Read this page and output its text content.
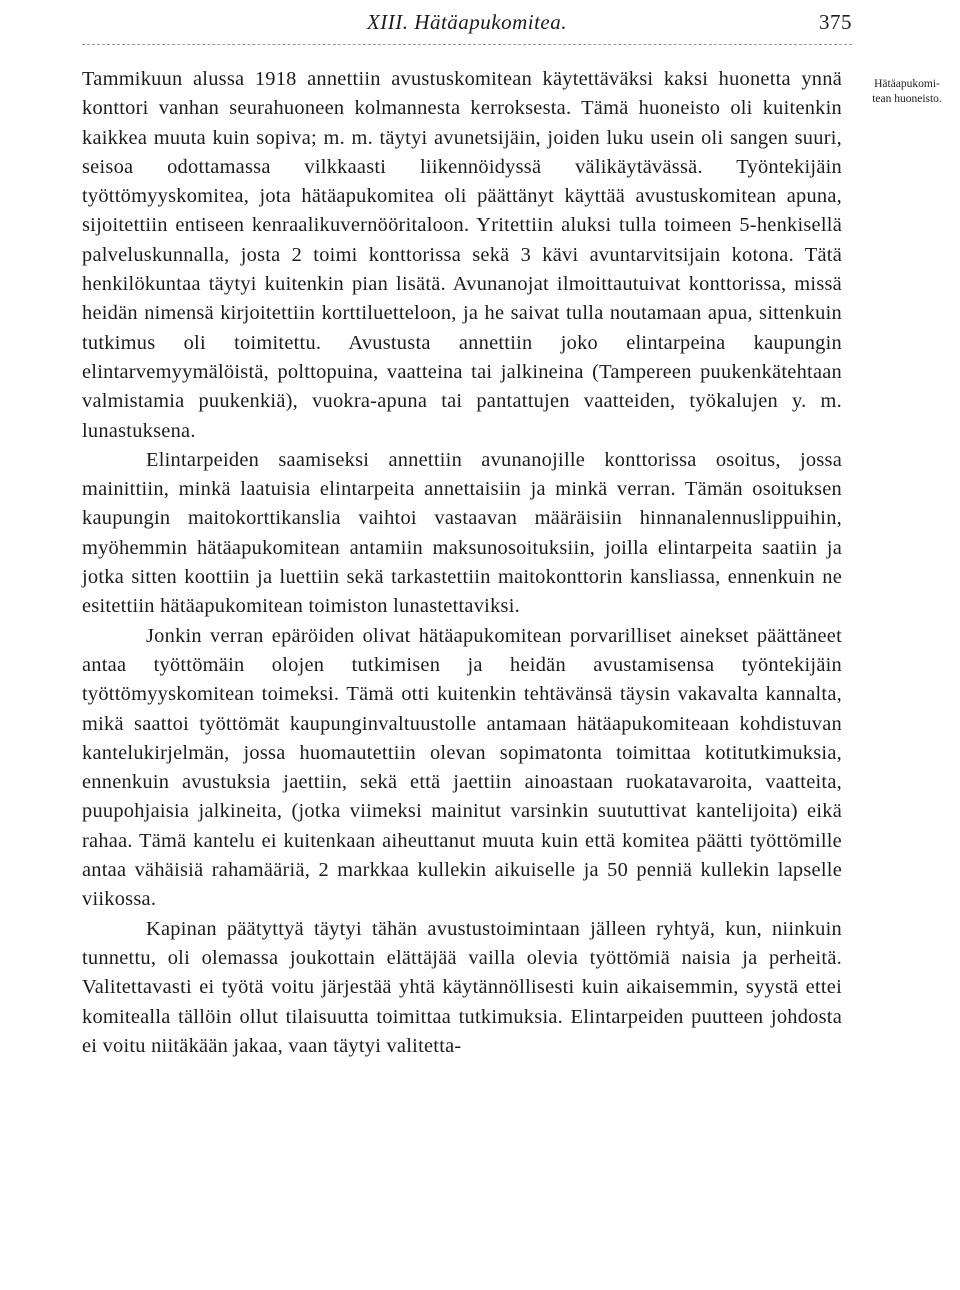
XIII. Hätäapukomitea.	375
Hätäapukomi-
tean huoneisto.

Tammikuun alussa 1918 annettiin avustuskomitean käytettäväksi kaksi huonetta ynnä konttori vanhan seurahuoneen kolmannesta kerroksesta. Tämä huoneisto oli kuitenkin kaikkea muuta kuin sopiva; m. m. täytyi avunetsijäin, joiden luku usein oli sangen suuri, seisoa odottamassa vilkkaasti liikennöidyssä välikäytävässä. Työntekijäin työttömyyskomitea, jota hätäapukomitea oli päättänyt käyttää avustuskomitean apuna, sijoitettiin entiseen kenraalikuvernööritaloon. Yritettiin aluksi tulla toimeen 5-henkisellä palveluskunnalla, josta 2 toimi konttorissa sekä 3 kävi avuntarvitsijain kotona. Tätä henkilökuntaa täytyi kuitenkin pian lisätä. Avunanojat ilmoittautuivat konttorissa, missä heidän nimensä kirjoitettiin korttiluetteloon, ja he saivat tulla noutamaan apua, sittenkuin tutkimus oli toimitettu. Avustusta annettiin joko elintarpeina kaupungin elintarvemyymälöistä, polttopuina, vaatteina tai jalkineina (Tampereen puukenkätehtaan valmistamia puukenkiä), vuokra-apuna tai pantattujen vaatteiden, työkalujen y. m. lunastuksena.

Elintarpeiden saamiseksi annettiin avunanojille konttorissa osoitus, jossa mainittiin, minkä laatuisia elintarpeita annettaisiin ja minkä verran. Tämän osoituksen kaupungin maitokorttikanslia vaihtoi vastaavan määräisiin hinnanalennuslippuihin, myöhemmin hätäapukomitean antamiin maksunosoituksiin, joilla elintarpeita saatiin ja jotka sitten koottiin ja luettiin sekä tarkastettiin maitokonttorin kansliassa, ennenkuin ne esitettiin hätäapukomitean toimiston lunastettaviksi.

Jonkin verran epäröiden olivat hätäapukomitean porvarilliset ainekset päättäneet antaa työttömäin olojen tutkimisen ja heidän avustamisensa työntekijäin työttömyyskomitean toimeksi. Tämä otti kuitenkin tehtävänsä täysin vakavalta kannalta, mikä saattoi työttömät kaupunginvaltuustolle antamaan hätäapukomiteaan kohdistuvan kantelukirjelmän, jossa huomautettiin olevan sopimatonta toimittaa kotitutkimuksia, ennenkuin avustuksia jaettiin, sekä että jaettiin ainoastaan ruokatavaroita, vaatteita, puupohjaisia jalkineita, (jotka viimeksi mainitut varsinkin suututtivat kantelijoita) eikä rahaa. Tämä kantelu ei kuitenkaan aiheuttanut muuta kuin että komitea päätti työttömille antaa vähäisiä rahamääriä, 2 markkaa kullekin aikuiselle ja 50 penniä kullekin lapselle viikossa.

Kapinan päätyttyä täytyi tähän avustustoimintaan jälleen ryhtyä, kun, niinkuin tunnettu, oli olemassa joukottain elättäjää vailla olevia työttömiä naisia ja perheitä. Valitettavasti ei työtä voitu järjestää yhtä käytännöllisesti kuin aikaisemmin, syystä ettei komitealla tällöin ollut tilaisuutta toimittaa tutkimuksia. Elintarpeiden puutteen johdosta ei voitu niitäkään jakaa, vaan täytyi valitetta-
